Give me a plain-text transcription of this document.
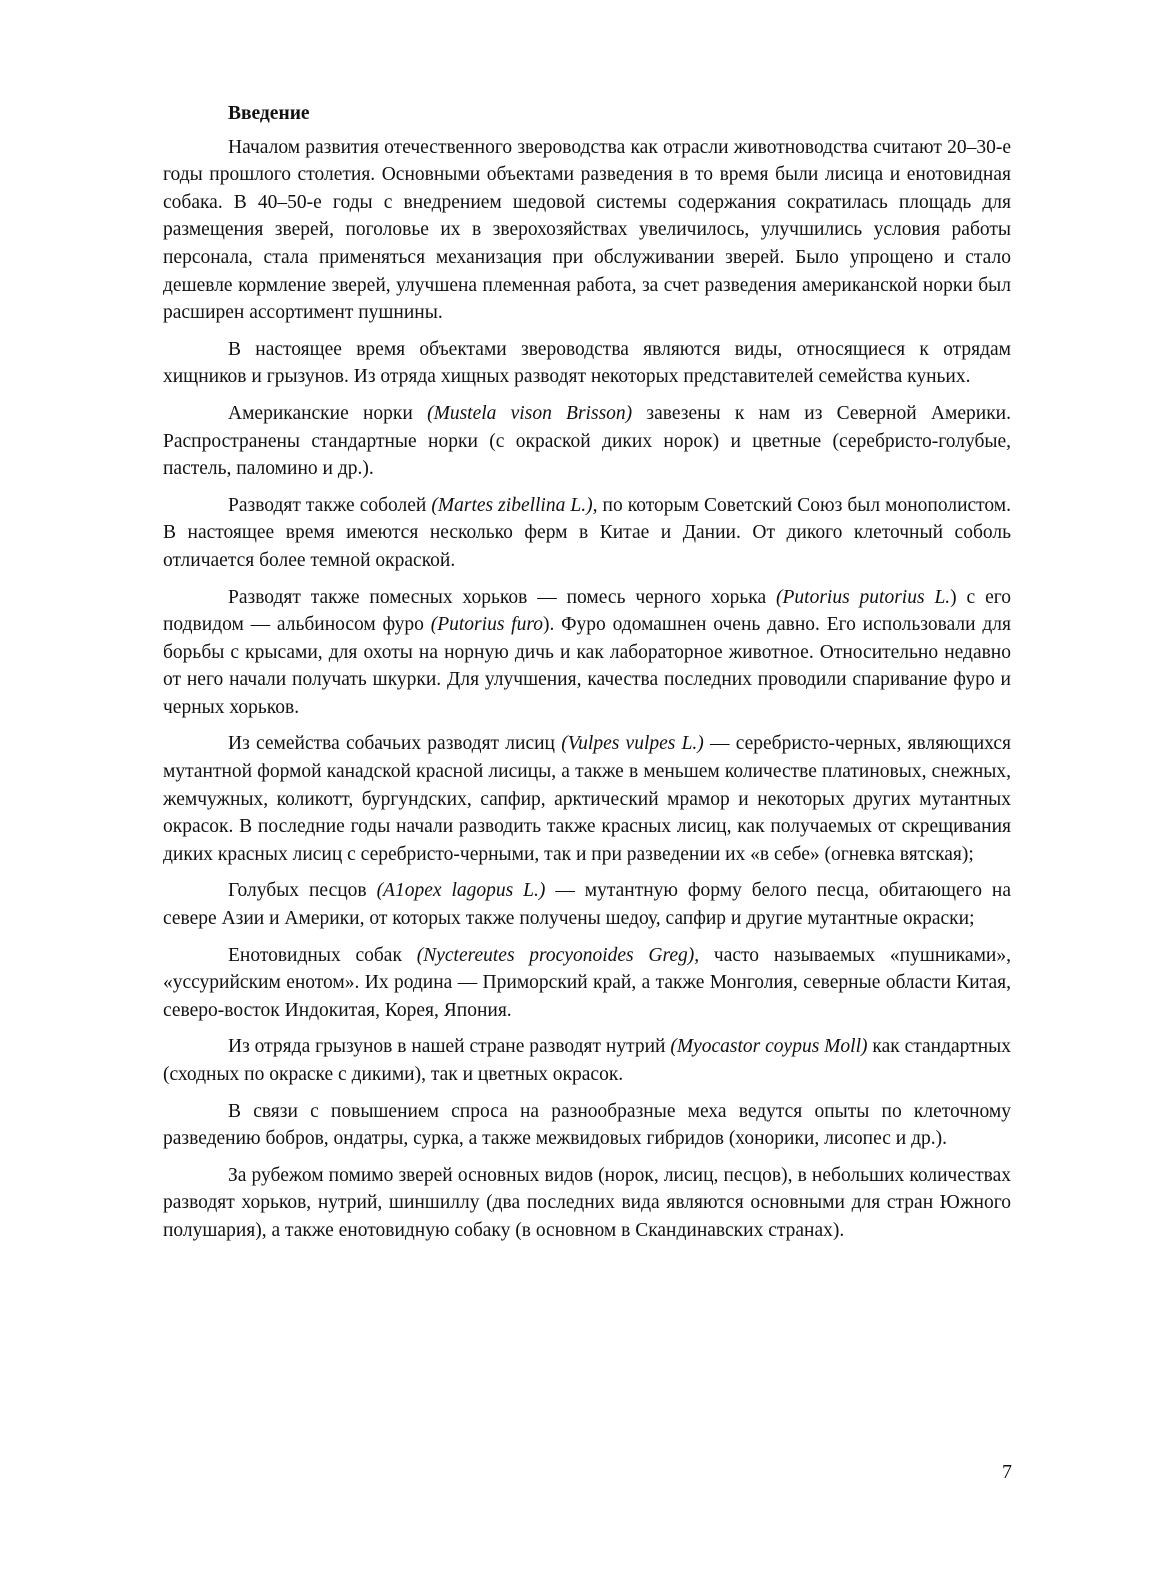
Введение

Началом развития отечественного звероводства как отрасли животноводства считают 20–30-е годы прошлого столетия. Основными объектами разведения в то время были лисица и енотовидная собака. В 40–50-е годы с внедрением шедовой системы содержания сократилась площадь для размещения зверей, поголовье их в зверохозяйствах увеличилось, улучшились условия работы персонала, стала применяться механизация при обслуживании зверей. Было упрощено и стало дешевле кормление зверей, улучшена племенная работа, за счет разведения американской норки был расширен ассортимент пушнины.

В настоящее время объектами звероводства являются виды, относящиеся к отрядам хищников и грызунов. Из отряда хищных разводят некоторых представителей семейства куньих.

Американские норки (Mustela vison Brisson) завезены к нам из Северной Америки. Распространены стандартные норки (с окраской диких норок) и цветные (серебристо-голубые, пастель, паломино и др.).

Разводят также соболей (Martes zibellina L.), по которым Советский Союз был монополистом. В настоящее время имеются несколько ферм в Китае и Дании. От дикого клеточный соболь отличается более темной окраской.

Разводят также помесных хорьков — помесь черного хорька (Putorius putorius L.) с его подвидом — альбиносом фуро (Putorius furo). Фуро одомашнен очень давно. Его использовали для борьбы с крысами, для охоты на норную дичь и как лабораторное животное. Относительно недавно от него начали получать шкурки. Для улучшения, качества последних проводили спаривание фуро и черных хорьков.

Из семейства собачьих разводят лисиц (Vulpes vulpes L.) — серебристо-черных, являющихся мутантной формой канадской красной лисицы, а также в меньшем количестве платиновых, снежных, жемчужных, коликотт, бургундских, сапфир, арктический мрамор и некоторых других мутантных окрасок. В последние годы начали разводить также красных лисиц, как получаемых от скрещивания диких красных лисиц с серебристо-черными, так и при разведении их «в себе» (огневка вятская);

Голубых песцов (A1opex lagopus L.) — мутантную форму белого песца, обитающего на севере Азии и Америки, от которых также получены шедоу, сапфир и другие мутантные окраски;

Енотовидных собак (Nyctereutes procyonoides Greg), часто называемых «пушниками», «уссурийским енотом». Их родина — Приморский край, а также Монголия, северные области Китая, северо-восток Индокитая, Корея, Япония.

Из отряда грызунов в нашей стране разводят нутрий (Myocastor coypus Moll) как стандартных (сходных по окраске с дикими), так и цветных окрасок.

В связи с повышением спроса на разнообразные меха ведутся опыты по клеточному разведению бобров, ондатры, сурка, а также межвидовых гибридов (хонорики, лисопес и др.).

За рубежом помимо зверей основных видов (норок, лисиц, песцов), в небольших количествах разводят хорьков, нутрий, шиншиллу (два последних вида являются основными для стран Южного полушария), а также енотовидную собаку (в основном в Скандинавских странах).

7
